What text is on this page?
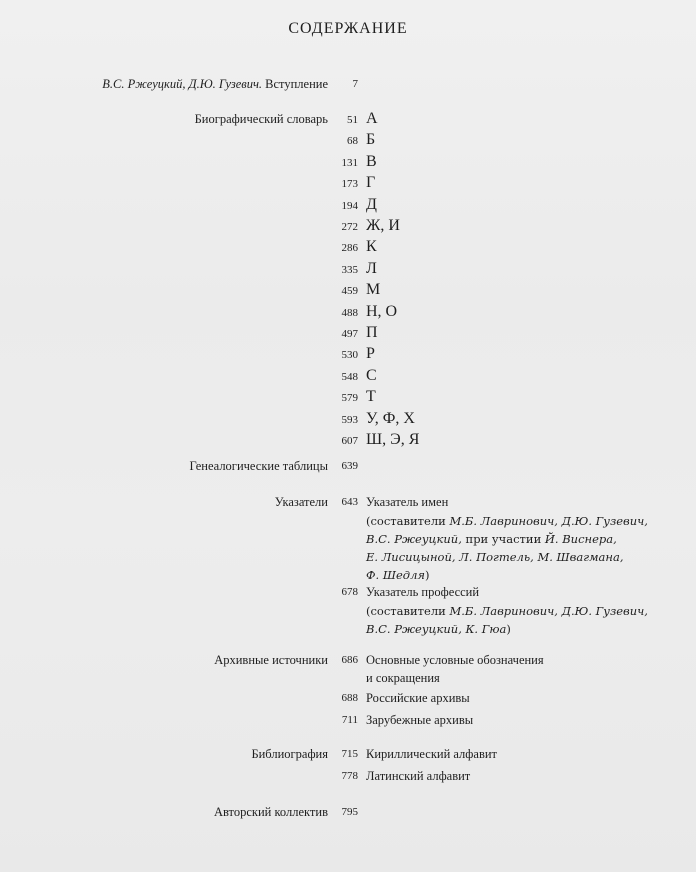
СОДЕРЖАНИЕ
В.С. Ржеуцкий, Д.Ю. Гузевич. Вступление	7
Биографический словарь	51 А
68 Б
131 В
173 Г
194 Д
272 Ж, И
286 К
335 Л
459 М
488 Н, О
497 П
530 Р
548 С
579 Т
593 У, Ф, Х
607 Ш, Э, Я
Генеалогические таблицы	639
Указатели	643 Указатель имен
(составители М.Б. Лавринович, Д.Ю. Гузевич,
В.С. Ржеуцкий, при участии Й. Виснера,
Е. Лисицыной, Л. Погтель, М. Швагмана,
Ф. Шедля)
678 Указатель профессий
(составители М.Б. Лавринович, Д.Ю. Гузевич,
В.С. Ржеуцкий, К. Гюа)
Архивные источники	686 Основные условные обозначения
и сокращения
688 Российские архивы
711 Зарубежные архивы
Библиография	715 Кириллический алфавит
778 Латинский алфавит
Авторский коллектив	795
